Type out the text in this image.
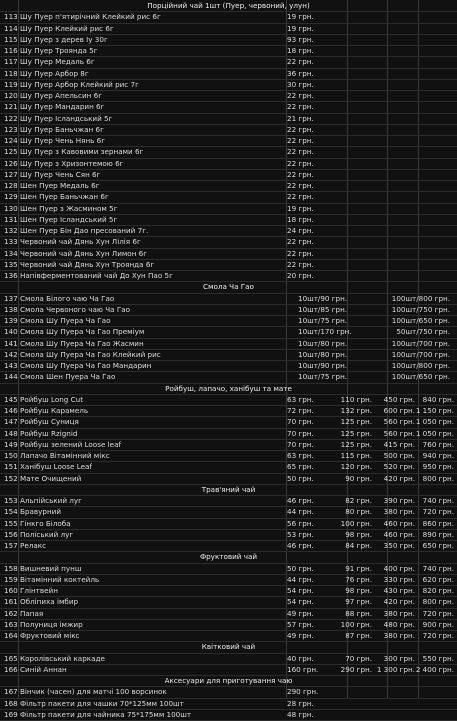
Порційний чай 1шт (Пуер, червоний, улун)
113 Шу Пуер п'ятирічний Клейкий рис 6г	19 грн.
114 Шу Пуер Клейкий рис 6г	19 грн.
115 Шу Пуер з дерев Іу 30г	93 грн.
116 Шу Пуер Троянда 5г	18 грн.
117 Шу Пуер Медаль 6г	22 грн.
118 Шу Пуер Арбор 8г	36 грн.
119 Шу Пуер Арбор Клейкий рис 7г	30 грн.
120 Шу Пуер Апельсин 6г	22 грн.
121 Шу Пуер Мандарин 6г	22 грн.
122 Шу Пуер Ісландський 5г	21 грн.
123 Шу Пуер Баньчжан 6г	22 грн.
124 Шу Пуер Чень Нянь 6г	22 грн.
125 Шу Пуер з Кавовими зернами 6г	22 грн.
126 Шу Пуер з Хризонтемою 6г	22 грн.
127 Шу Пуер Чень Сян 6г	22 грн.
128 Шен Пуер Медаль 6г	22 грн.
129 Шен Пуер Баньчжан 6г	22 грн.
130 Шен Пуер з Жасмином 5г	19 грн.
131 Шен Пуер Ісландський 5г	18 грн.
132 Шен Пуер Бін Дао пресований 7г.	24 грн.
133 Червоний чай Дянь Хун Лілія 6г	22 грн.
134 Червоний чай Дянь Хун Лимон 6г	22 грн.
135 Червоний чай Дянь Хун Троянда 6г	22 грн.
136 Напівферментований чай До Хун Пао 5г	20 грн.
Смола Ча Гао
137 Смола Білого чаю Ча Гао	10шт/90 грн.	100шт/800 грн.
138 Смола Червоного чаю Ча Гао	10шт/85 грн.	100шт/750 грн.
139 Смола Шу Пуера Ча Гао	10шт/75 грн.	100шт/650 грн.
140 Смола Шу Пуера Ча Гао Преміум	10шт/170 грн.	50шт/750 грн.
141 Смола Шу Пуера Ча Гао Жасмин	10шт/80 грн.	100шт/700 грн.
142 Смола Шу Пуера Ча Гао Клейкий рис	10шт/80 грн.	100шт/700 грн.
143 Смола Шу Пуера Ча Гао Мандарин	10шт/90 грн.	100шт/800 грн.
144 Смола Шен Пуера Ча Гао	10шт/75 грн.	100шт/650 грн.
Ройбуш, лапачо, ханібуш та мате
145 Ройбуш Long Cut	63 грн.	110 грн.	450 грн.	840 грн.
146 Ройбуш Карамель	72 грн.	132 грн.	600 грн. 1 150 грн.
147 Ройбуш Суниця	70 грн.	125 грн.	560 грн. 1 050 грн.
148 Ройбуш Rzignid	70 грн.	125 грн.	560 грн. 1 050 грн.
149 Ройбуш зелений Loose leaf	70 грн.	125 грн.	415 грн.	760 грн.
150 Лапачо Вітамінний мікс	63 грн.	115 грн.	500 грн.	940 грн.
151 Ханібуш Loose Leaf	65 грн.	120 грн.	520 грн.	950 грн.
152 Мате Очищений	50 грн.	90 грн.	420 грн.	800 грн.
Трав'яний чай
153 Альпійський луг	46 грн.	82 грн.	390 грн.	740 грн.
154 Бравурний	44 грн.	80 грн.	380 грн.	720 грн.
155 Гінкго Білоба	56 грн.	100 грн.	460 грн.	860 грн.
156 Полiський луг	53 грн.	98 грн.	460 грн.	890 грн.
157 Релакс	46 грн.	84 грн.	350 грн.	650 грн.
Фруктовий чай
158 Вишневий пунш	50 грн.	91 грн.	400 грн.	740 грн.
159 Вітамінний коктейль	44 грн.	76 грн.	330 грн.	620 грн.
160 Глінтвейн	54 грн.	98 грн.	430 грн.	820 грн.
161 Обліпиха імбир	54 грн.	97 грн.	420 грн.	800 грн.
162 Папая	49 грн.	88 грн.	380 грн.	720 грн.
163 Полуниця імжир	57 грн.	100 грн.	480 грн.	900 грн.
164 Фруктовий мікс	49 грн.	87 грн.	380 грн.	720 грн.
Квітковий чай
165 Королівський каркаде	40 грн.	70 грн.	300 грн.	550 грн.
166 Синій Аннан	160 грн.	290 грн. 1 300 грн. 2 400 грн.
Аксесуари для приготування чаю
167 Вінчик (часен) для матчі 100 ворсинок	290 грн.
168 Фільтр пакети для чашки 70*125мм 100шт	28 грн.
169 Фільтр пакети для чайника 75*175мм 100шт	48 грн.
